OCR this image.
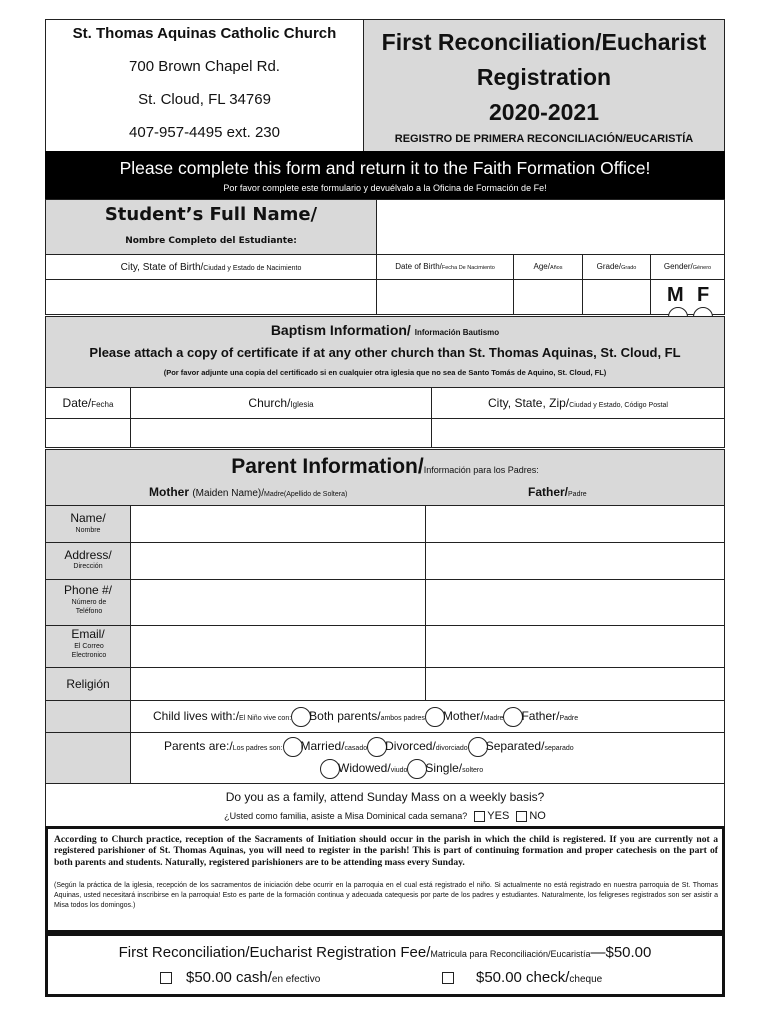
St. Thomas Aquinas Catholic Church
700 Brown Chapel Rd.
St. Cloud, FL 34769
407-957-4495 ext. 230
First Reconciliation/Eucharist
Registration
2020-2021
REGISTRO DE PRIMERA RECONCILIACIÓN/EUCARISTÍA
Please complete this form and return it to the Faith Formation Office!
Por favor complete este formulario y devuélvalo a la Oficina de Formación de Fe!
Student’s Full Name/
Nombre Completo del Estudiante:
City, State of Birth/Ciudad y Estado de Nacimiento	Date of Birth/Fecha De Nacimiento	Age/Años	Grade/Grado	Gender/Género
M F
Baptism Information/ Información Bautismo
Please attach a copy of certificate if at any other church than St. Thomas Aquinas, St. Cloud, FL
(Por favor adjunte una copia del certificado si en cualquier otra iglesia que no sea de Santo Tomás de Aquino, St. Cloud, FL)
Date/Fecha	Church/Iglesia	City, State, Zip/Ciudad y Estado, Código Postal
Parent Information/Información para los Padres:
Mother (Maiden Name)/Madre(Apellido de Soltera)	Father/Padre
Name/
Nombre
Address/
Dirección
Phone #/
Número de Teléfono
Email/
El Correo Electronico
Religión
Child lives with:/El Niño vive con: Both parents/ambos padres Mother/Madre Father/Padre
Parents are:/Los padres son: Married/casado Divorced/divorciado Separated/separado
Widowed/viudo Single/soltero
Do you as a family, attend Sunday Mass on a weekly basis?
¿Usted como familia, asiste a Misa Dominical cada semana? YES NO
According to Church practice, reception of the Sacraments of Initiation should occur in the parish in which the child is registered. If you are currently not a registered parishioner of St. Thomas Aquinas, you will need to register in the parish! This is part of continuing formation and proper catechesis on the part of both parents and students. Naturally, registered parishioners are to be attending mass every Sunday.
(Según la práctica de la iglesia, recepción de los sacramentos de iniciación debe ocurrir en la parroquia en el cual está registrado el niño. Si actualmente no está registrado en nuestra parroquia de St. Thomas Aquinas, usted necesitará inscribirse en la parroquia! Esto es parte de la formación continua y adecuada catequesis por parte de los padres y estudiantes. Naturalmente, los feligreses registrados son ser asistir a Misa todos los domingos.)
First Reconciliation/Eucharist Registration Fee/Matricula para Reconciliación/Eucaristía—$50.00
$50.00 cash/en efectivo	$50.00 check/cheque
